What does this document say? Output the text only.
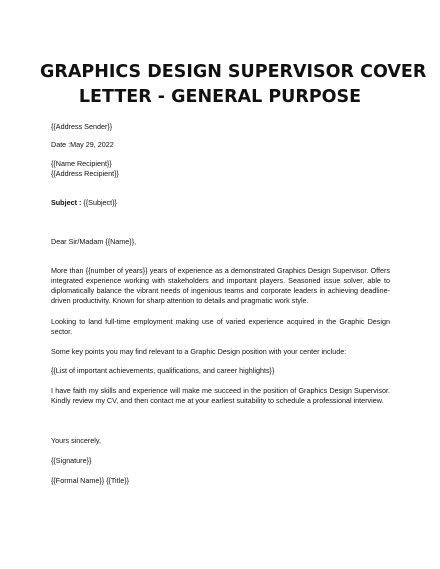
GRAPHICS DESIGN SUPERVISOR COVER
LETTER - GENERAL PURPOSE
{{Address Sender}}
Date :May 29, 2022
{{Name Recipient}}
{{Address Recipient}}
Subject : {{Subject}}
Dear Sir/Madam {{Name}},
More than {{number of years}} years of experience as a demonstrated Graphics Design Supervisor. Offers integrated experience working with stakeholders and important players. Seasoned issue solver, able to diplomatically balance the vibrant needs of ingenious teams and corporate leaders in achieving deadline-driven productivity. Known for sharp attention to details and pragmatic work style.
Looking to land full-time employment making use of varied experience acquired in the Graphic Design sector.
Some key points you may find relevant to a Graphic Design position with your center include:
{{List of important achievements, qualifications, and career highlights}}
I have faith my skills and experience will make me succeed in the position of Graphics Design Supervisor. Kindly review my CV, and then contact me at your earliest suitability to schedule a professional interview.
Yours sincerely,
{{Signature}}
{{Formal Name}} {{Title}}
